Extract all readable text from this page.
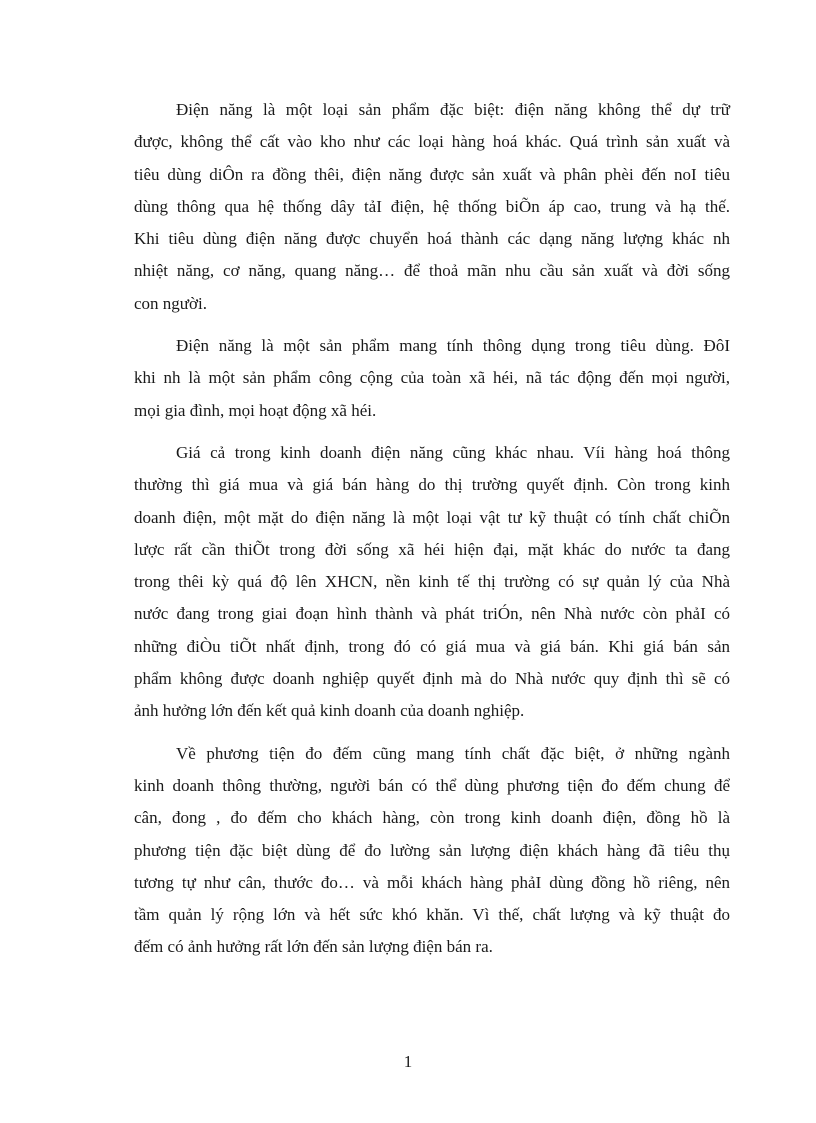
Điện năng là một loại sản phẩm đặc biệt: điện năng không thể dự trữ
được, không thể cất vào kho như các loại hàng hoá khác. Quá trình sản xuất và
tiêu dùng diÔn ra đồng thêi, điện năng được sản xuất và phân phèi đến noI tiêu
dùng thông qua hệ thống dây tảI điện, hệ thống biÕn áp cao, trung và hạ thế.
Khi tiêu dùng điện năng được chuyển hoá thành các dạng năng lượng khác nh
nhiệt năng, cơ năng, quang năng… để thoả mãn nhu cầu sản xuất và đời sống
con người.

Điện năng là một sản phẩm mang tính thông dụng trong tiêu dùng. ĐôI
khi nh là một sản phẩm công cộng của toàn xã héi, nã tác động đến mọi người,
mọi gia đình, mọi hoạt động xã héi.

Giá cả trong kinh doanh điện năng cũng khác nhau. Víi hàng hoá thông
thường thì giá mua và giá bán hàng do thị trường quyết định. Còn trong kinh
doanh điện, một mặt do điện năng là một loại vật tư kỹ thuật có tính chất chiÕn
lược rất cần thiÕt trong đời sống xã héi hiện đại, mặt khác do nước ta đang
trong thêi kỳ quá độ lên XHCN, nền kinh tế thị trường có sự quản lý của Nhà
nước đang trong giai đoạn hình thành và phát triÓn, nên Nhà nước còn phảI có
những điÒu tiÕt nhất định, trong đó có giá mua và giá bán. Khi giá bán sản
phẩm không được doanh nghiệp quyết định mà do Nhà nước quy định thì sẽ có
ảnh hưởng lớn đến kết quả kinh doanh của doanh nghiệp.

Về phương tiện đo đếm cũng mang tính chất đặc biệt, ở những ngành
kinh doanh thông thường, người bán có thể dùng phương tiện đo đếm chung để
cân, đong , đo đếm cho khách hàng, còn trong kinh doanh điện, đồng hồ là
phương tiện đặc biệt dùng để đo lường sản lượng điện khách hàng đã tiêu thụ
tương tự như cân, thước đo… và mỗi khách hàng phảI dùng đồng hồ riêng, nên
tầm quản lý rộng lớn và hết sức khó khăn. Vì thế, chất lượng và kỹ thuật đo
đếm có ảnh hưởng rất lớn đến sản lượng điện bán ra.

1
